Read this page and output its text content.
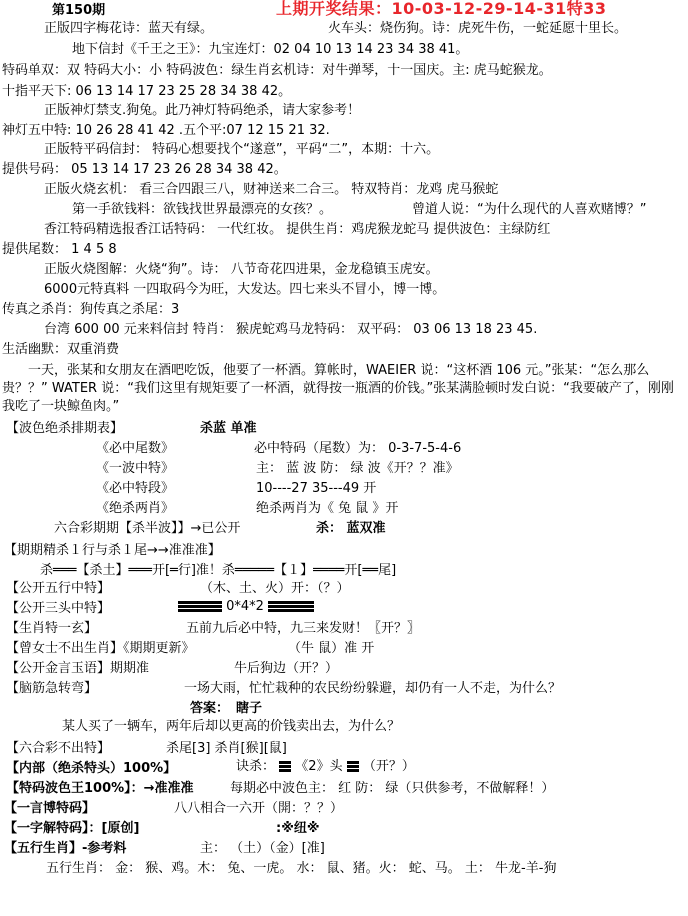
第150期	上期开奖结果：10-03-12-29-14-31特33
正版四字梅花诗：蓝天有绿。	火车头：烧伤狗。诗：虎死牛伤，一蛇延愿十里长。
地下信封《千王之王》：九宝连灯：02 04 10 13 14 23 34 38 41。
特码单双：双 特码大小：小 特码波色：绿生肖玄机诗：对牛弹琴，十一国庆。主: 虎马蛇猴龙。
十指平天下: 06 13 14 17 23 25 28 34 38 42。
正版神灯禁支.狗兔。此乃神灯特码绝杀，请大家参考！
神灯五中特: 10 26 28 41 42 .五个平:07 12 15 21 32.
正版特平码信封： 特码心想要找个“遂意”，平码“二”，本期：十六。
提供号码： 05 13 14 17 23 26 28 34 38 42。
正版火烧玄机： 看三合四跟三八，财神送来二合三。 特双特肖：龙鸡 虎马猴蛇
第一手欲钱料：欲钱找世界最漂亮的女孩？。	曾道人说：“为什么现代的人喜欢赌博？”
香江特码精选报香江话特码： 一代红妆。 提供生肖：鸡虎猴龙蛇马 提供波色：主绿防红
提供尾数： 1 4 5 8
正版火烧图解：火烧“狗”。诗： 八节奇花四进果，金龙稳镇玉虎安。
6000元特真料 一四取码今为旺，大发达。四七来头不冒小，博一博。
传真之杀肖：狗传真之杀尾：3
台湾 600 00 元来料信封 特肖： 猴虎蛇鸡马龙特码： 双平码： 03 06 13 18 23 45.
生活幽默：双重消费
一天，张某和女朋友在酒吧吃饭，他要了一杯酒。算帐时，WAEIER 说：“这杯酒 106 元。”张某：“怎么那么贵？？” WATER 说：“我们这里有规矩要了一杯酒，就得按一瓶酒的价钱。”张某满脸顿时发白说：“我要破产了，刚刚我吃了一块鲸鱼肉。”
【波色绝杀排期表】	杀蓝 单准
《必中尾数》	必中特码（尾数）为： 0-3-7-5-4-6
《一波中特》	主： 蓝 波 防： 绿 波《开？？准》
《必中特段》	10----27 35---49 开
《绝杀两肖》	绝杀两肖为《 兔 鼠 》开
六合彩期期【杀半波】】→已公开	杀： 蓝双准
【期期精杀１行与杀１尾→→准准准】
杀═══【杀土】═══开[═行]准！杀═════【１】════开[══尾]
【公开五行中特】	（木、土、火）开：（？）
【公开三头中特】	0*4*2
【生肖特一玄】	五前九后必中特，九三来发财！〖开？〗
【曾女士不出生肖】《期期更新》	（牛 鼠）准 开
【公开金言玉语】期期准	牛后狗边（开？）
【脑筋急转弯】	一场大雨，忙忙栽种的农民纷纷躲避，却仍有一人不走，为什么？
答案： 瞎子
某人买了一辆车，两年后却以更高的价钱卖出去，为什么？
【六合彩不出特】	杀尾[3] 杀肖[猴][鼠]
【内部（绝杀特头）100%】	诀杀： 《2》头 （开？）
【特码波色王100%】：→准准准	每期必中波色主： 红 防： 绿（只供参考，不做解释！）
【一言博特码】	八八相合一六开（開：？？）
【一字解特码】：[原创]	:※纽※
【五行生肖】-参考料	主： （土）（金）[准]
五行生肖： 金： 猴、鸡。木： 兔、一虎。 水： 鼠、猪。火： 蛇、马。 土： 牛龙-羊-狗
